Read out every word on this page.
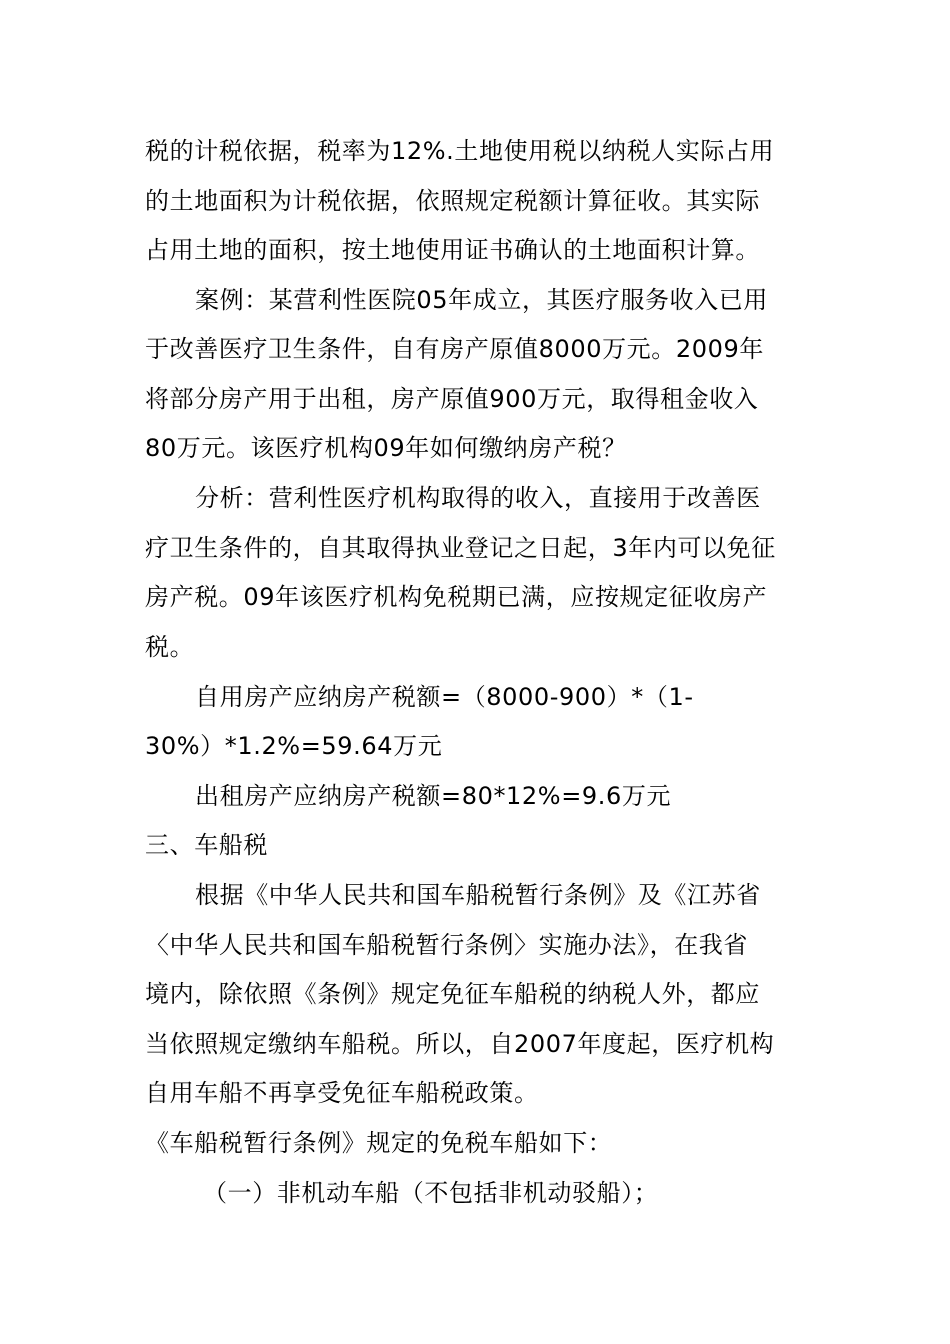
税的计税依据，税率为12%.土地使用税以纳税人实际占用
的土地面积为计税依据，依照规定税额计算征收。其实际
占用土地的面积，按土地使用证书确认的土地面积计算。
案例：某营利性医院05年成立，其医疗服务收入已用
于改善医疗卫生条件，自有房产原值8000万元。2009年
将部分房产用于出租，房产原值900万元，取得租金收入
80万元。该医疗机构09年如何缴纳房产税？
分析：营利性医疗机构取得的收入，直接用于改善医
疗卫生条件的，自其取得执业登记之日起，3年内可以免征
房产税。09年该医疗机构免税期已满，应按规定征收房产
税。
自用房产应纳房产税额=（8000-900）*（1-
30%）*1.2%=59.64万元
出租房产应纳房产税额=80*12%=9.6万元
三、车船税
根据《中华人民共和国车船税暂行条例》及《江苏省
〈中华人民共和国车船税暂行条例〉实施办法》，在我省
境内，除依照《条例》规定免征车船税的纳税人外，都应
当依照规定缴纳车船税。所以，自2007年度起，医疗机构
自用车船不再享受免征车船税政策。
《车船税暂行条例》规定的免税车船如下：
（一）非机动车船（不包括非机动驳船）；
